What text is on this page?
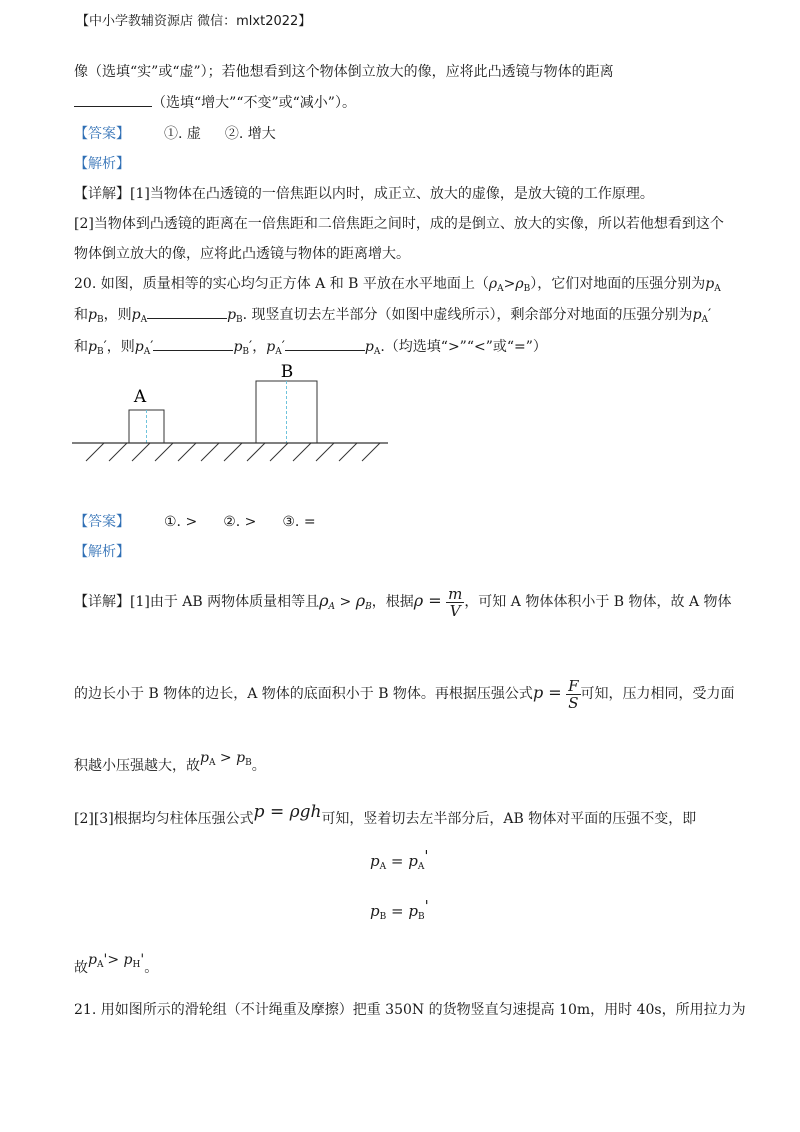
【中小学教辅资源店 微信：mlxt2022】
像（选填“实”或“虚”）；若他想看到这个物体倒立放大的像，应将此凸透镜与物体的距离
（选填“增大”“不变”或“减小”）。
【答案】 ①. 虚 ②. 增大
【解析】
【详解】[1]当物体在凸透镜的一倍焦距以内时，成正立、放大的虚像，是放大镜的工作原理。
[2]当物体到凸透镜的距离在一倍焦距和二倍焦距之间时，成的是倒立、放大的实像，所以若他想看到这个
物体倒立放大的像，应将此凸透镜与物体的距离增大。
20. 如图，质量相等的实心均匀正方体 A 和 B 平放在水平地面上$(\rho_A>\rho_B)$，它们对地面的压强分别为$p_A$
和$p_B$，则$p_A$	$p_B$. 现竖直切去左半部分（如图中虚线所示），剩余部分对地面的压强分别为$p_A'$
和$p_B'$，则$p_A'$	$p_B'$，$p_A'$	$p_A$.（均选填“>”“<”或“=”）
A
B
【答案】 ①. > ②. > ③. =
【解析】
【详解】[1]由于 AB 两物体质量相等且$\rho_A > \rho_B$，根据$\rho = \frac{m}{V}$ ，可知 A 物体体积小于 B 物体，故 A 物体
的边长小于 B 物体的边长，A 物体的底面积小于 B 物体。再根据压强公式$p = \frac{F}{S}$ 可知，压力相同，受力面
积越小压强越大，故$p_A > p_B$。
[2][3]根据均匀柱体压强公式p = ρgh可知，竖着切去左半部分后，AB 物体对平面的压强不变，即
$p_A = p_A'$
$p_B = p_B'$
故$p_A'> p_H'$。
21. 用如图所示的滑轮组（不计绳重及摩擦）把重 350N 的货物竖直匀速提高 10m，用时 40s，所用拉力为
